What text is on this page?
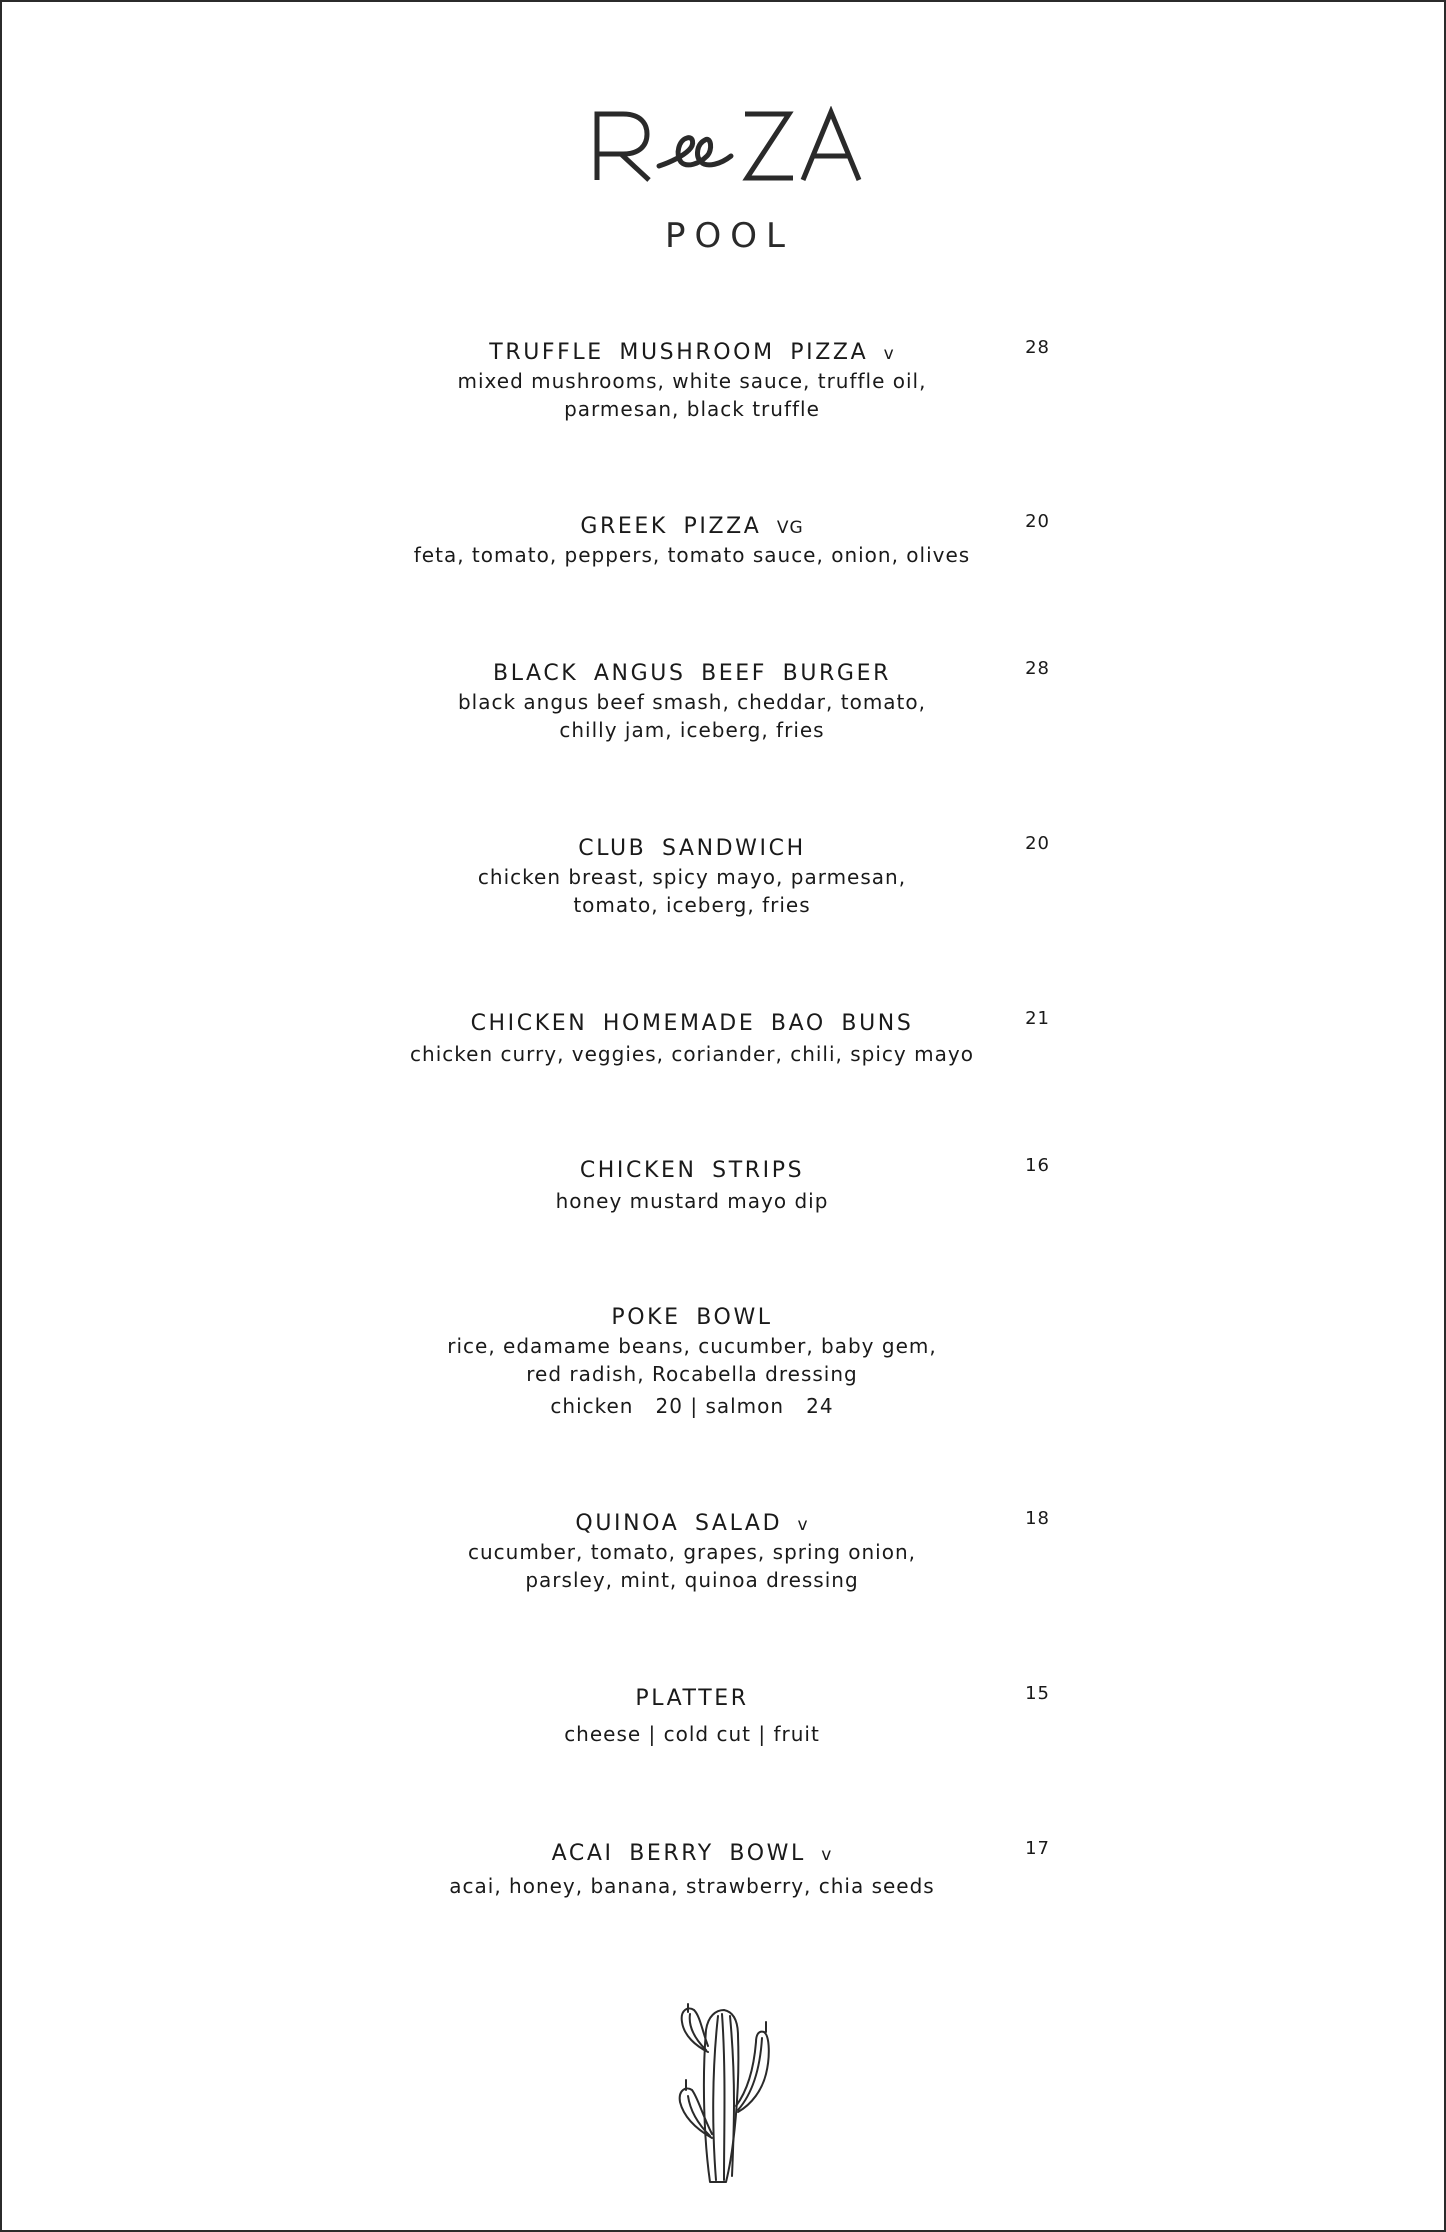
POOL
TRUFFLE MUSHROOM PIZZA v	28
mixed mushrooms, white sauce, truffle oil,
parmesan, black truffle
GREEK PIZZA VG	20
feta, tomato, peppers, tomato sauce, onion, olives
BLACK ANGUS BEEF BURGER	28
black angus beef smash, cheddar, tomato,
chilly jam, iceberg, fries
CLUB SANDWICH	20
chicken breast, spicy mayo, parmesan,
tomato, iceberg, fries
CHICKEN HOMEMADE BAO BUNS	21
chicken curry, veggies, coriander, chili, spicy mayo
CHICKEN STRIPS	16
honey mustard mayo dip
POKE BOWL
rice, edamame beans, cucumber, baby gem,
red radish, Rocabella dressing
chicken   20 | salmon   24
QUINOA SALAD v	18
cucumber, tomato, grapes, spring onion,
parsley, mint, quinoa dressing
PLATTER	15
cheese | cold cut | fruit
ACAI BERRY BOWL v	17
acai, honey, banana, strawberry, chia seeds
